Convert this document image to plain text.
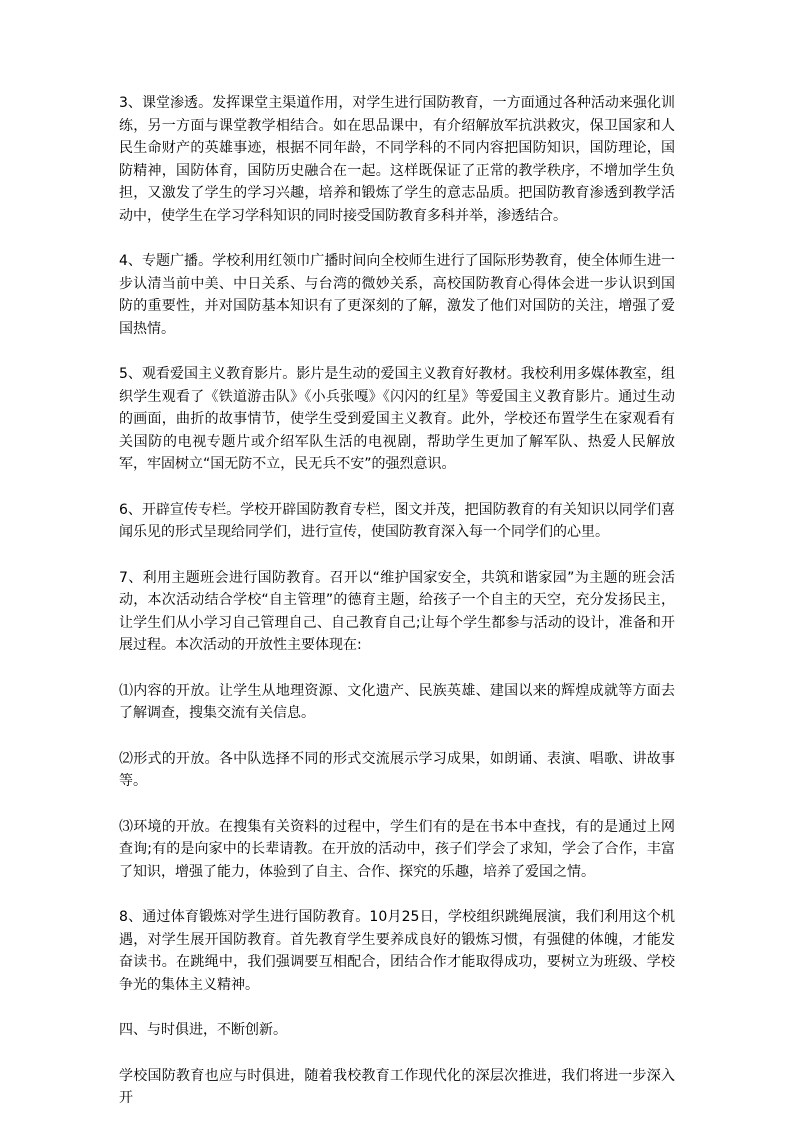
3、课堂渗透。发挥课堂主渠道作用，对学生进行国防教育，一方面通过各种活动来强化训练，另一方面与课堂教学相结合。如在思品课中，有介绍解放军抗洪救灾，保卫国家和人民生命财产的英雄事迹，根据不同年龄，不同学科的不同内容把国防知识，国防理论，国防精神，国防体育，国防历史融合在一起。这样既保证了正常的教学秩序，不增加学生负担，又激发了学生的学习兴趣，培养和锻炼了学生的意志品质。把国防教育渗透到教学活动中，使学生在学习学科知识的同时接受国防教育多科并举，渗透结合。

4、专题广播。学校利用红领巾广播时间向全校师生进行了国际形势教育，使全体师生进一步认清当前中美、中日关系、与台湾的微妙关系，高校国防教育心得体会进一步认识到国防的重要性，并对国防基本知识有了更深刻的了解，激发了他们对国防的关注，增强了爱国热情。

5、观看爱国主义教育影片。影片是生动的爱国主义教育好教材。我校利用多媒体教室，组织学生观看了《铁道游击队》《小兵张嘎》《闪闪的红星》等爱国主义教育影片。通过生动的画面，曲折的故事情节，使学生受到爱国主义教育。此外，学校还布置学生在家观看有关国防的电视专题片或介绍军队生活的电视剧，帮助学生更加了解军队、热爱人民解放军，牢固树立“国无防不立，民无兵不安”的强烈意识。

6、开辟宣传专栏。学校开辟国防教育专栏，图文并茂，把国防教育的有关知识以同学们喜闻乐见的形式呈现给同学们，进行宣传，使国防教育深入每一个同学们的心里。

7、利用主题班会进行国防教育。召开以“维护国家安全，共筑和谐家园”为主题的班会活动，本次活动结合学校“自主管理”的德育主题，给孩子一个自主的天空，充分发扬民主，让学生们从小学习自己管理自己、自己教育自己;让每个学生都参与活动的设计，准备和开展过程。本次活动的开放性主要体现在:

⑴内容的开放。让学生从地理资源、文化遗产、民族英雄、建国以来的辉煌成就等方面去了解调查，搜集交流有关信息。

⑵形式的开放。各中队选择不同的形式交流展示学习成果，如朗诵、表演、唱歌、讲故事等。

⑶环境的开放。在搜集有关资料的过程中，学生们有的是在书本中查找，有的是通过上网查询;有的是向家中的长辈请教。在开放的活动中，孩子们学会了求知，学会了合作，丰富了知识，增强了能力，体验到了自主、合作、探究的乐趣，培养了爱国之情。

8、通过体育锻炼对学生进行国防教育。10月25日，学校组织跳绳展演，我们利用这个机遇，对学生展开国防教育。首先教育学生要养成良好的锻炼习惯，有强健的体魄，才能发奋读书。在跳绳中，我们强调要互相配合，团结合作才能取得成功，要树立为班级、学校争光的集体主义精神。

四、与时俱进，不断创新。

学校国防教育也应与时俱进，随着我校教育工作现代化的深层次推进，我们将进一步深入开
